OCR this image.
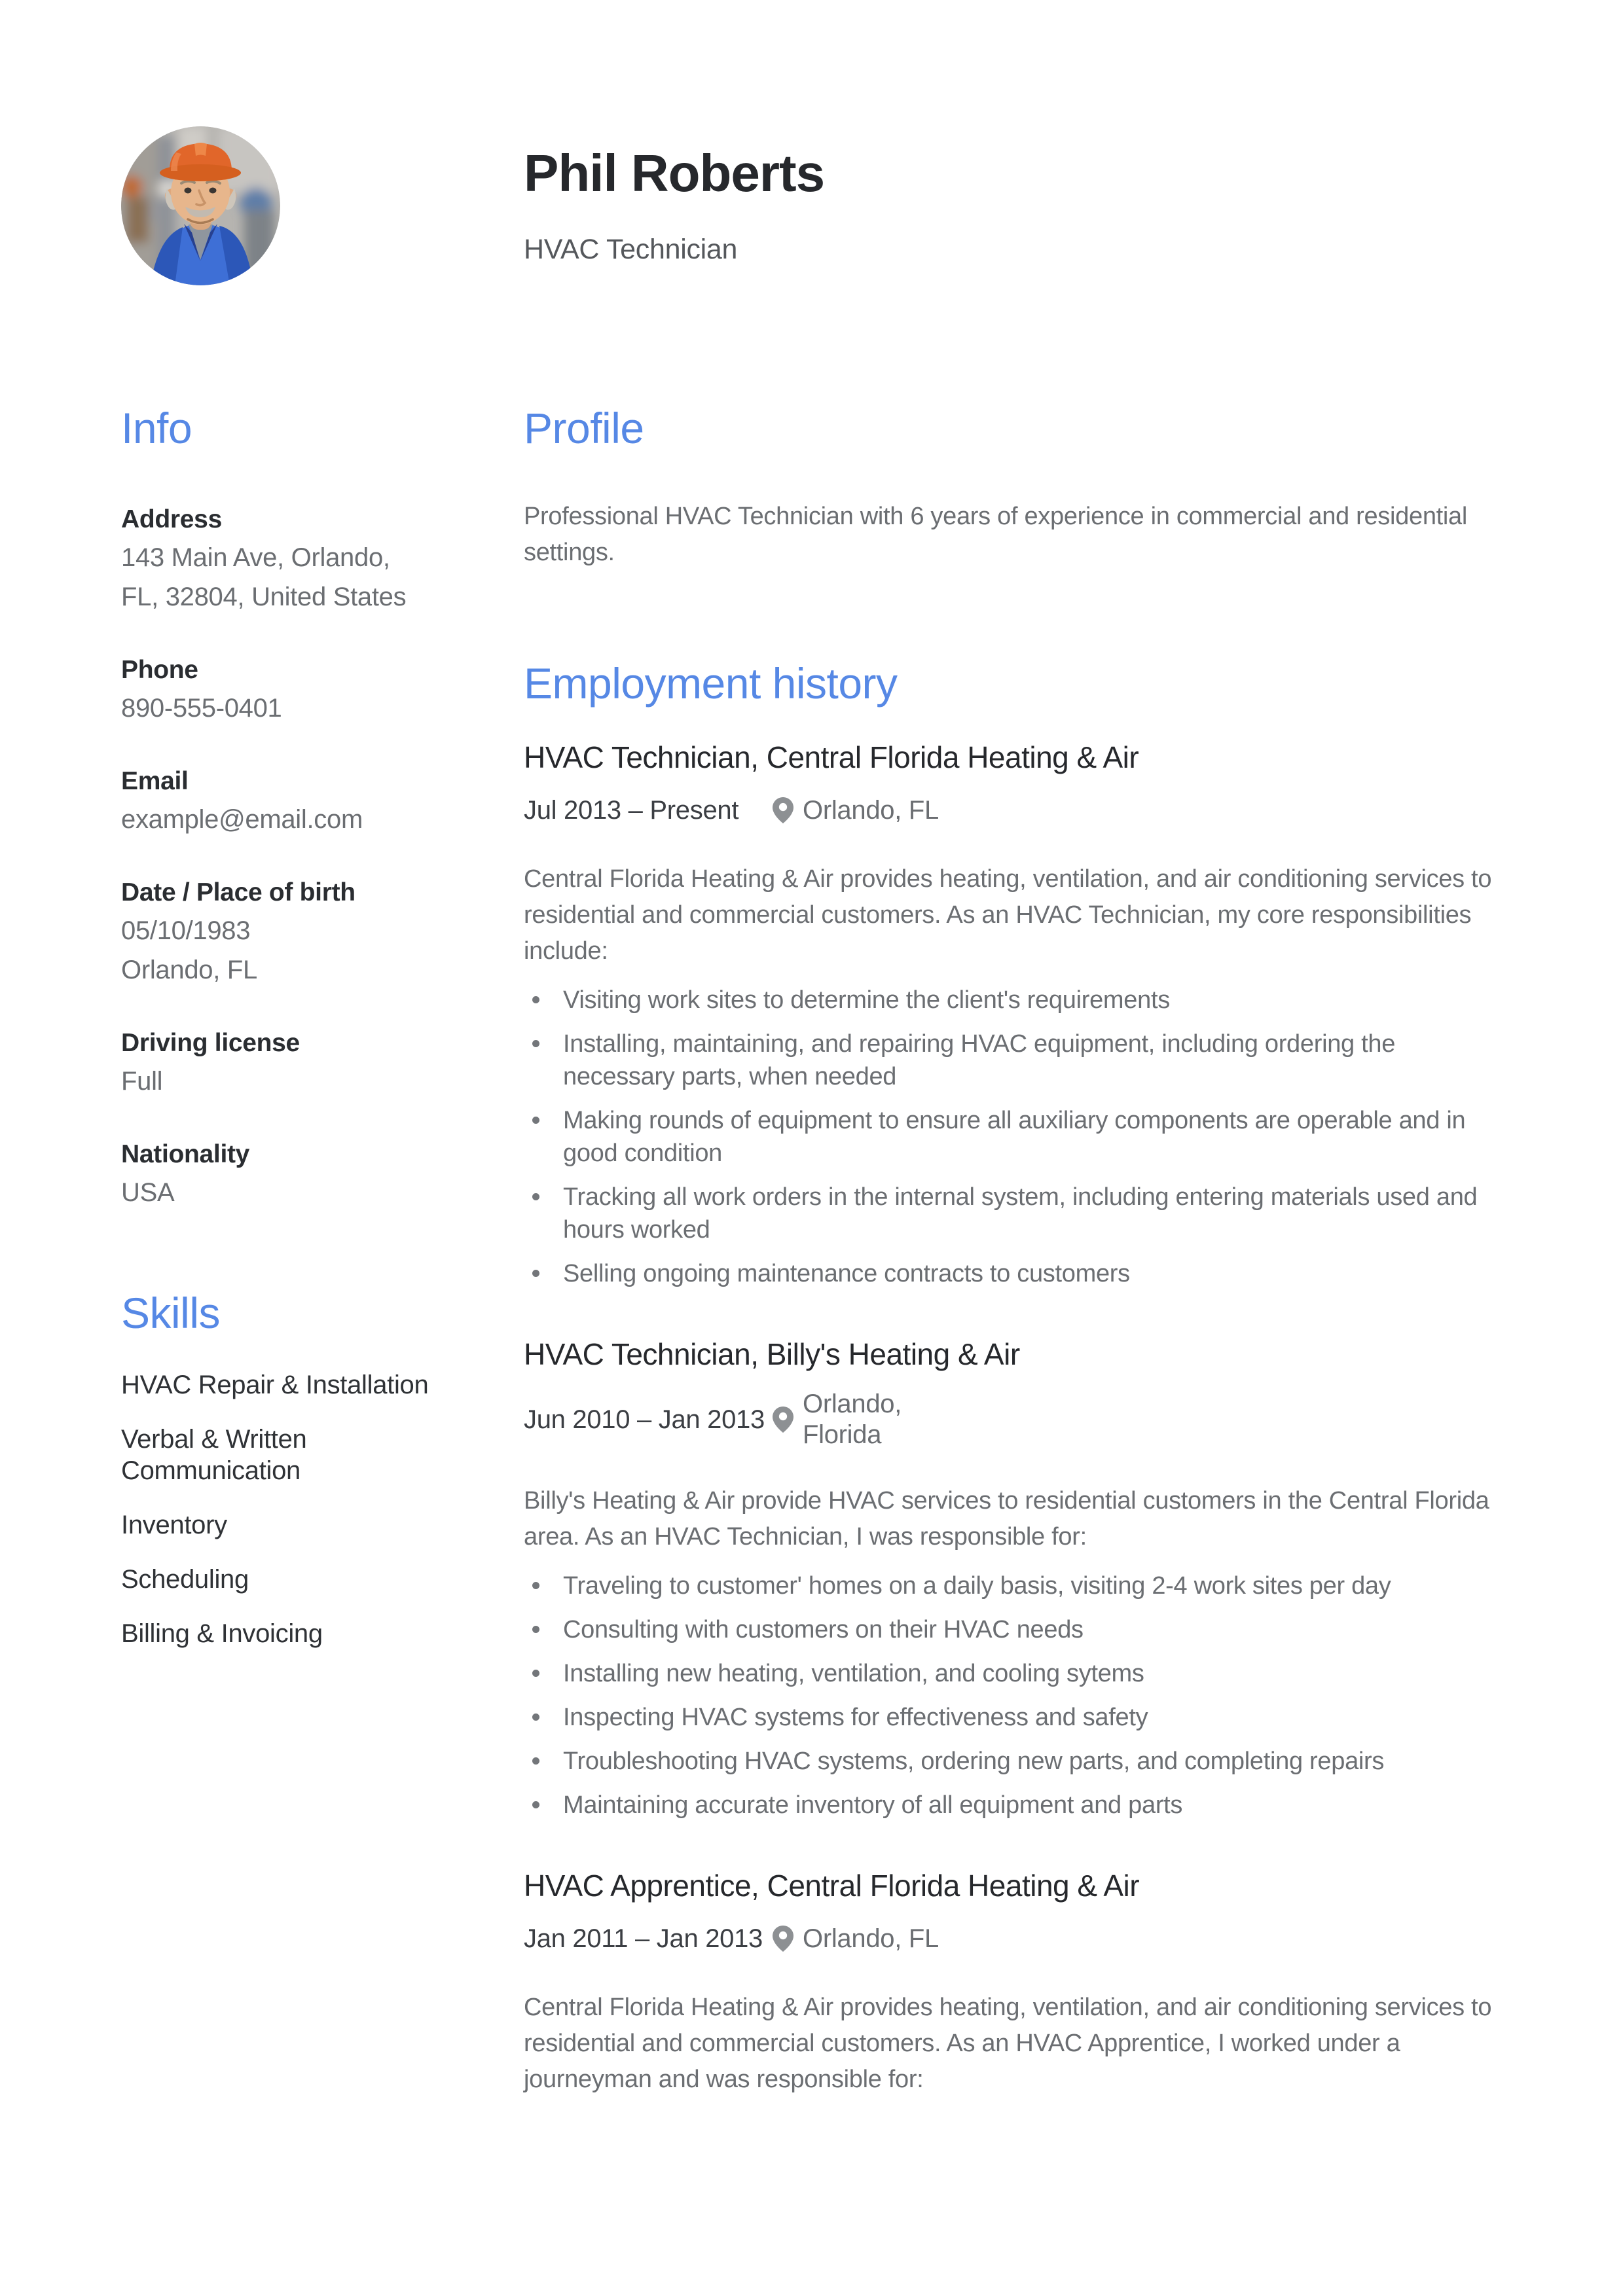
Phil Roberts
HVAC Technician
Info
Address
143 Main Ave, Orlando,
FL, 32804, United States
Phone
890-555-0401
Email
example@email.com
Date / Place of birth
05/10/1983
Orlando, FL
Driving license
Full
Nationality
USA
Skills
HVAC Repair & Installation
Verbal & Written Communication
Inventory
Scheduling
Billing & Invoicing
Profile

Professional HVAC Technician with 6 years of experience in commercial and residential settings.

Employment history
HVAC Technician, Central Florida Heating & Air
Jul 2013 – Present	Orlando, FL

Central Florida Heating & Air provides heating, ventilation, and air conditioning services to residential and commercial customers. As an HVAC Technician, my core responsibilities include:

Visiting work sites to determine the client's requirements
Installing, maintaining, and repairing HVAC equipment, including ordering the necessary parts, when needed
Making rounds of equipment to ensure all auxiliary components are operable and in good condition
Tracking all work orders in the internal system, including entering materials used and hours worked
Selling ongoing maintenance contracts to customers
HVAC Technician, Billy's Heating & Air
Jun 2010 – Jan 2013
Orlando,
Florida

Billy's Heating & Air provide HVAC services to residential customers in the Central Florida area. As an HVAC Technician, I was responsible for:

Traveling to customer' homes on a daily basis, visiting 2-4 work sites per day
Consulting with customers on their HVAC needs
Installing new heating, ventilation, and cooling sytems
Inspecting HVAC systems for effectiveness and safety
Troubleshooting HVAC systems, ordering new parts, and completing repairs
Maintaining accurate inventory of all equipment and parts
HVAC Apprentice, Central Florida Heating & Air
Jan 2011 – Jan 2013	Orlando, FL

Central Florida Heating & Air provides heating, ventilation, and air conditioning services to residential and commercial customers. As an HVAC Apprentice, I worked under a journeyman and was responsible for:
